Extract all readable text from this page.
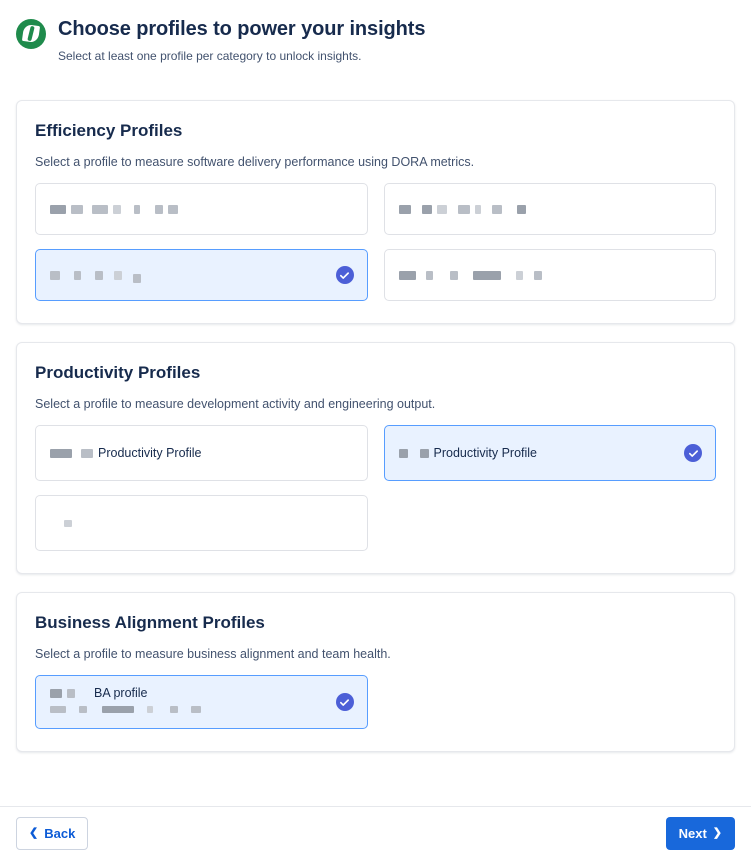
Choose profiles to power your insights

Select at least one profile per category to unlock insights.

Efficiency Profiles

Select a profile to measure software delivery performance using DORA metrics.

Productivity Profiles

Select a profile to measure development activity and engineering output.

Productivity Profile	Productivity Profile
Business Alignment Profiles

Select a profile to measure business alignment and team health.

BA profile
❮ Back	Next ❯
